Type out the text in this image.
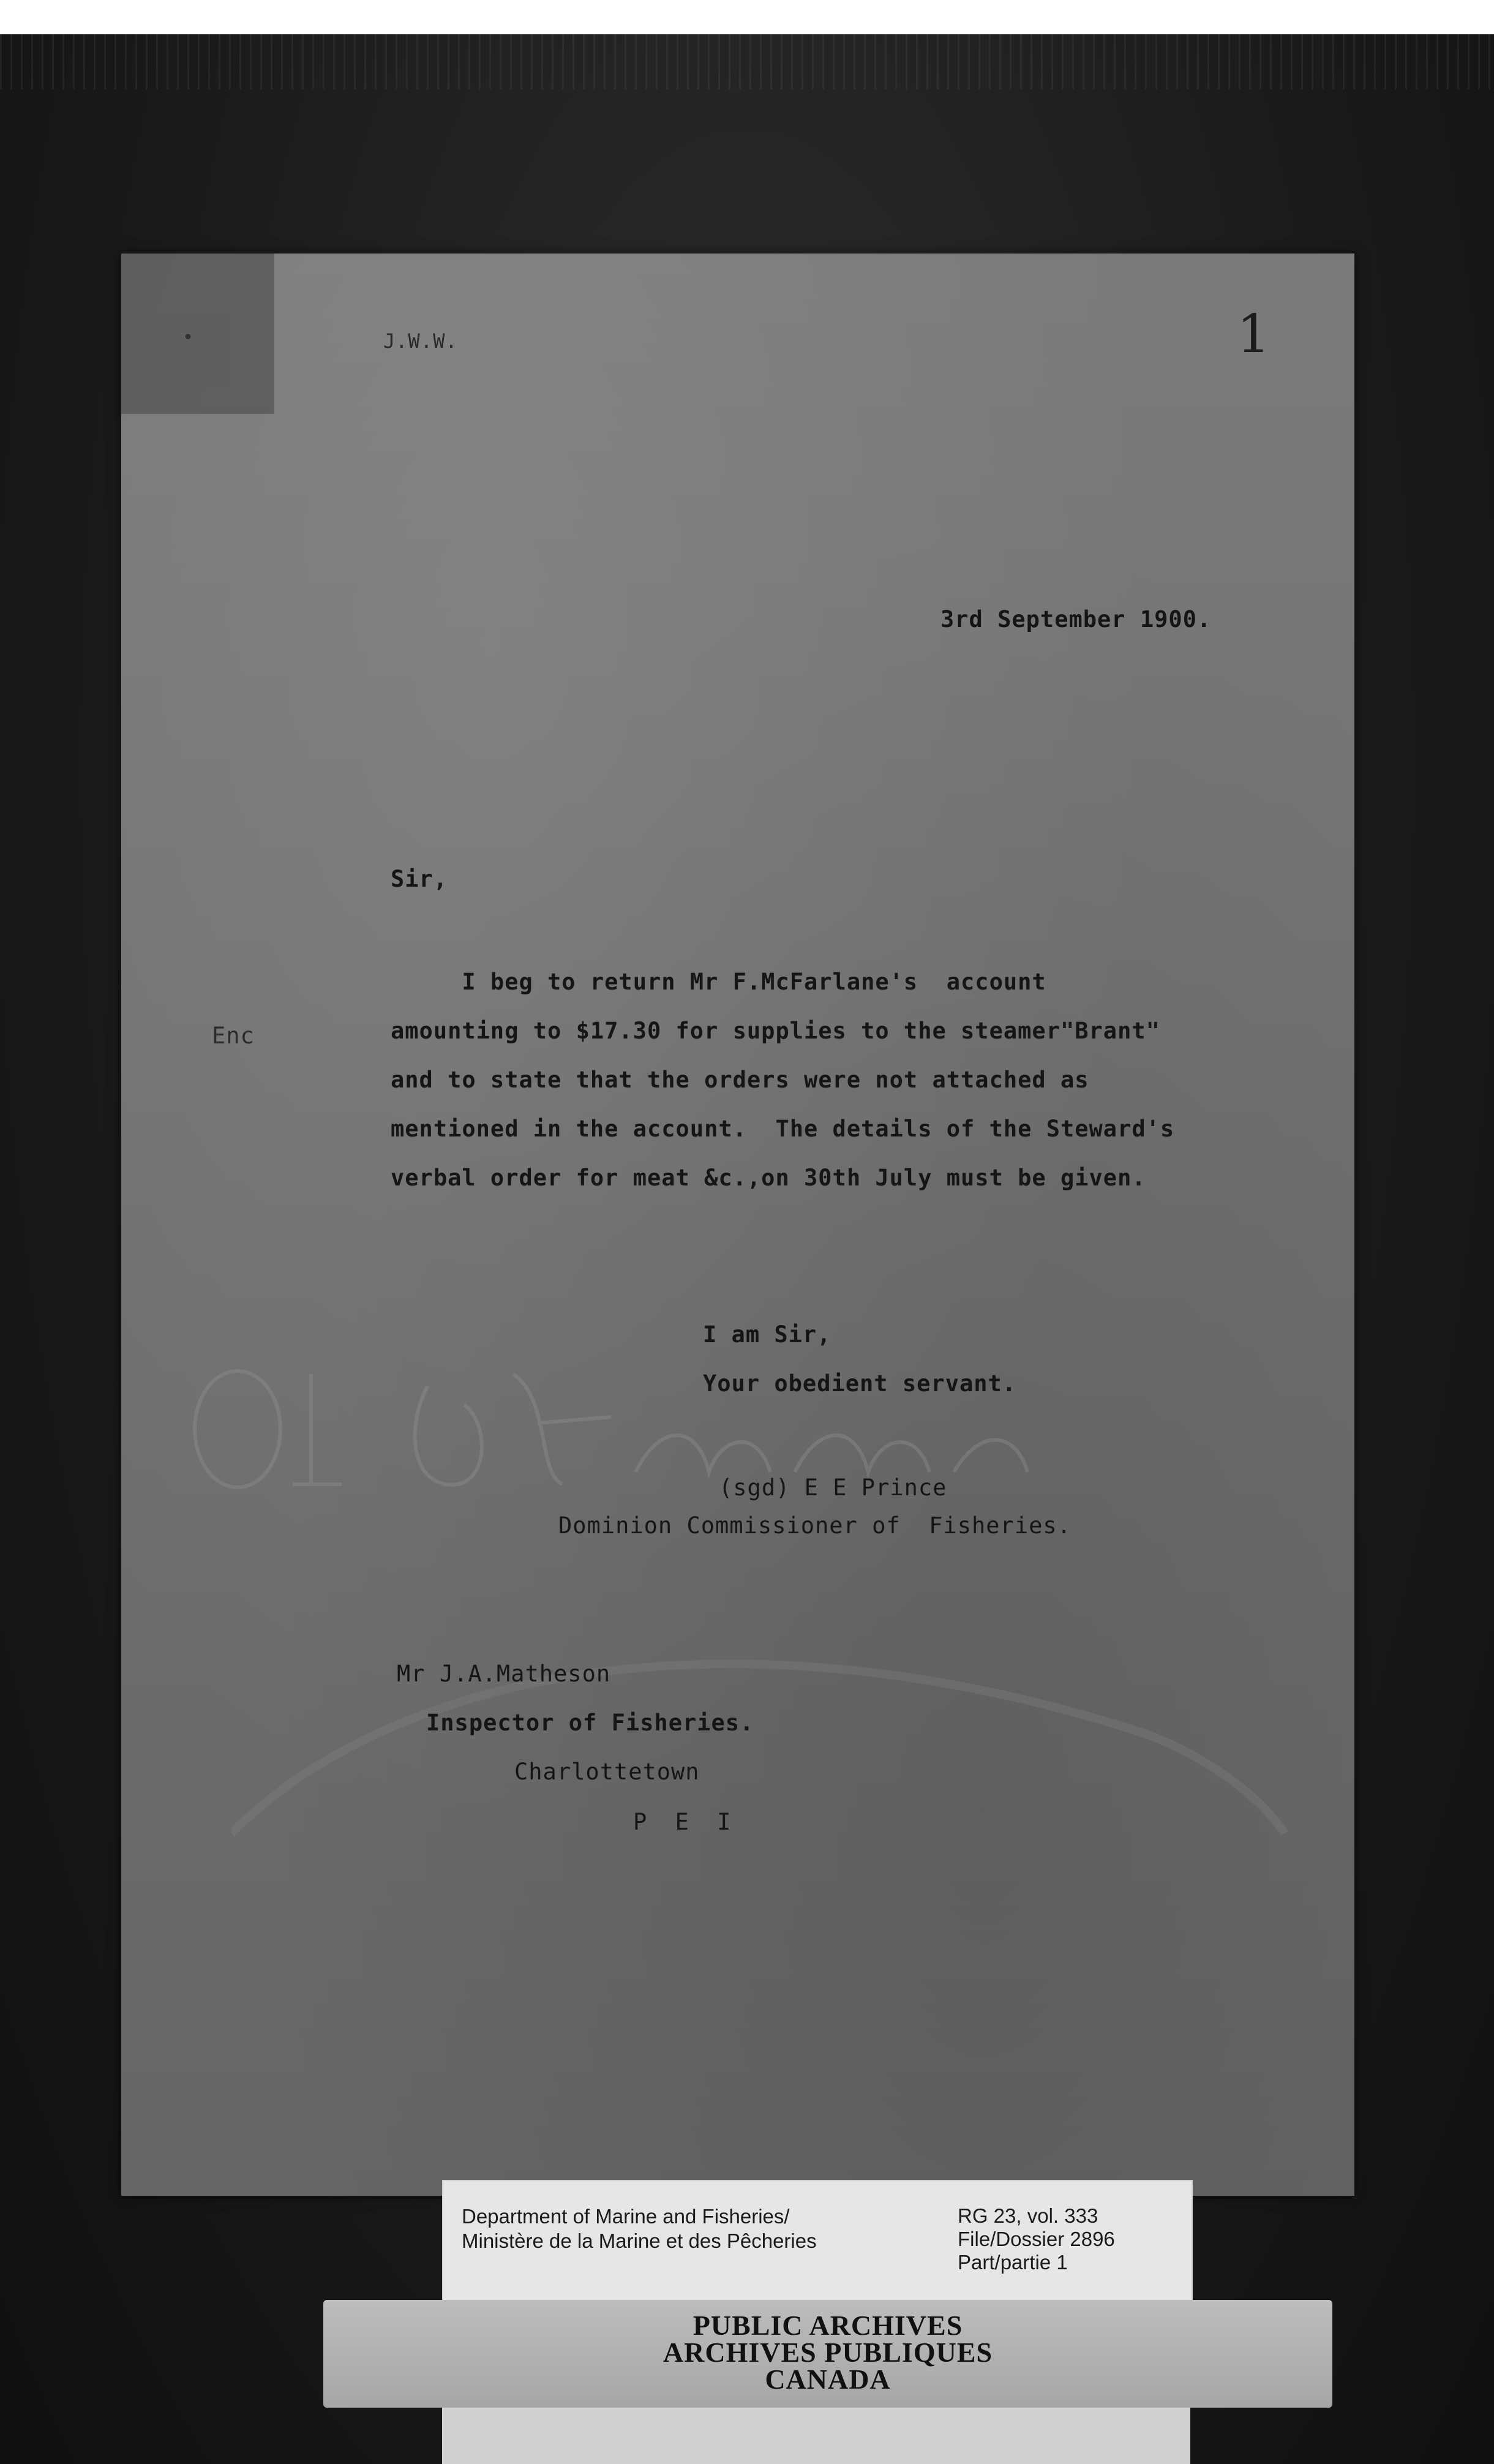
•	J.W.W.	1
3rd September 1900.
Sir,
Enc
I beg to return Mr F.McFarlane's  account
amounting to $17.30 for supplies to the steamer"Brant"
and to state that the orders were not attached as
mentioned in the account.  The details of the Steward's
verbal order for meat &c.,on 30th July must be given.
I am Sir,
Your obedient servant.
(sgd) E E Prince
Dominion Commissioner of  Fisheries.
Mr J.A.Matheson
Inspector of Fisheries.
Charlottetown
P E I
Department of Marine and Fisheries/
Ministère de la Marine et des Pêcheries
RG 23, vol. 333
File/Dossier 2896
Part/partie 1
PUBLIC ARCHIVES
ARCHIVES PUBLIQUES
CANADA
